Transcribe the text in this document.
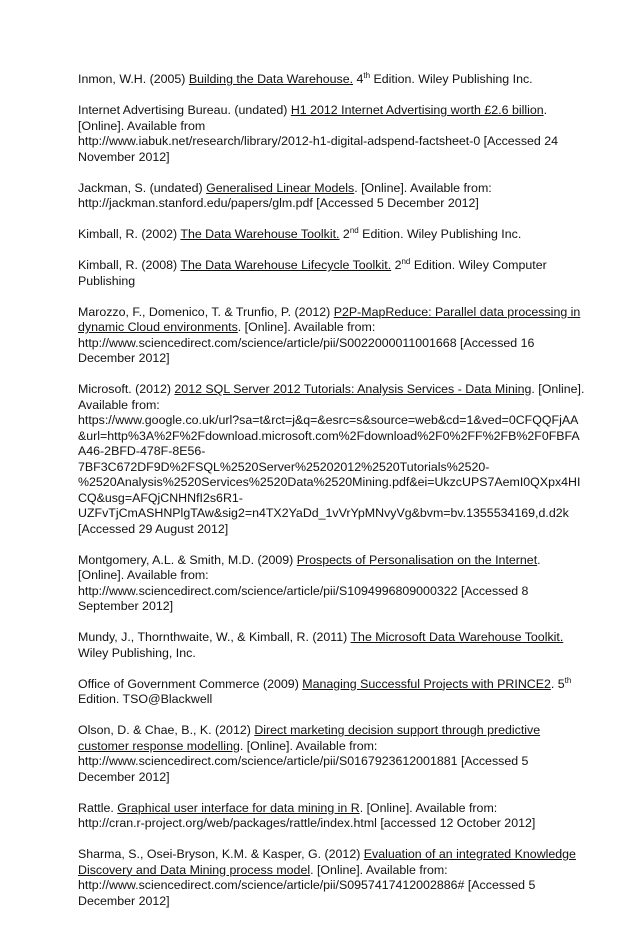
Inmon, W.H. (2005) Building the Data Warehouse. 4th Edition. Wiley Publishing Inc.
Internet Advertising Bureau. (undated) H1 2012 Internet Advertising worth £2.6 billion.
[Online]. Available from
http://www.iabuk.net/research/library/2012-h1-digital-adspend-factsheet-0 [Accessed 24
November 2012]
Jackman, S. (undated) Generalised Linear Models. [Online]. Available from:
http://jackman.stanford.edu/papers/glm.pdf [Accessed 5 December 2012]
Kimball, R. (2002) The Data Warehouse Toolkit. 2nd Edition. Wiley Publishing Inc.
Kimball, R. (2008) The Data Warehouse Lifecycle Toolkit. 2nd Edition. Wiley Computer
Publishing
Marozzo, F., Domenico, T. & Trunfio, P. (2012) P2P-MapReduce: Parallel data processing in
dynamic Cloud environments. [Online]. Available from:
http://www.sciencedirect.com/science/article/pii/S0022000011001668 [Accessed 16
December 2012]
Microsoft. (2012) 2012 SQL Server 2012 Tutorials: Analysis Services - Data Mining. [Online].
Available from:
https://www.google.co.uk/url?sa=t&rct=j&q=&esrc=s&source=web&cd=1&ved=0CFQQFjAA
&url=http%3A%2F%2Fdownload.microsoft.com%2Fdownload%2F0%2FF%2FB%2F0FBFA
A46-2BFD-478F-8E56-
7BF3C672DF9D%2FSQL%2520Server%25202012%2520Tutorials%2520-
%2520Analysis%2520Services%2520Data%2520Mining.pdf&ei=UkzcUPS7AemI0QXpx4HI
CQ&usg=AFQjCNHNfI2s6R1-
UZFvTjCmASHNPlgTAw&sig2=n4TX2YaDd_1vVrYpMNvyVg&bvm=bv.1355534169,d.d2k
[Accessed 29 August 2012]
Montgomery, A.L. & Smith, M.D. (2009) Prospects of Personalisation on the Internet.
[Online]. Available from:
http://www.sciencedirect.com/science/article/pii/S1094996809000322 [Accessed 8
September 2012]
Mundy, J., Thornthwaite, W., & Kimball, R. (2011) The Microsoft Data Warehouse Toolkit.
Wiley Publishing, Inc.
Office of Government Commerce (2009) Managing Successful Projects with PRINCE2. 5th
Edition. TSO@Blackwell
Olson, D. & Chae, B., K. (2012) Direct marketing decision support through predictive
customer response modelling. [Online]. Available from:
http://www.sciencedirect.com/science/article/pii/S0167923612001881 [Accessed 5
December 2012]
Rattle. Graphical user interface for data mining in R. [Online]. Available from:
http://cran.r-project.org/web/packages/rattle/index.html [accessed 12 October 2012]
Sharma, S., Osei-Bryson, K.M. & Kasper, G. (2012) Evaluation of an integrated Knowledge
Discovery and Data Mining process model. [Online]. Available from:
http://www.sciencedirect.com/science/article/pii/S0957417412002886# [Accessed 5
December 2012]
